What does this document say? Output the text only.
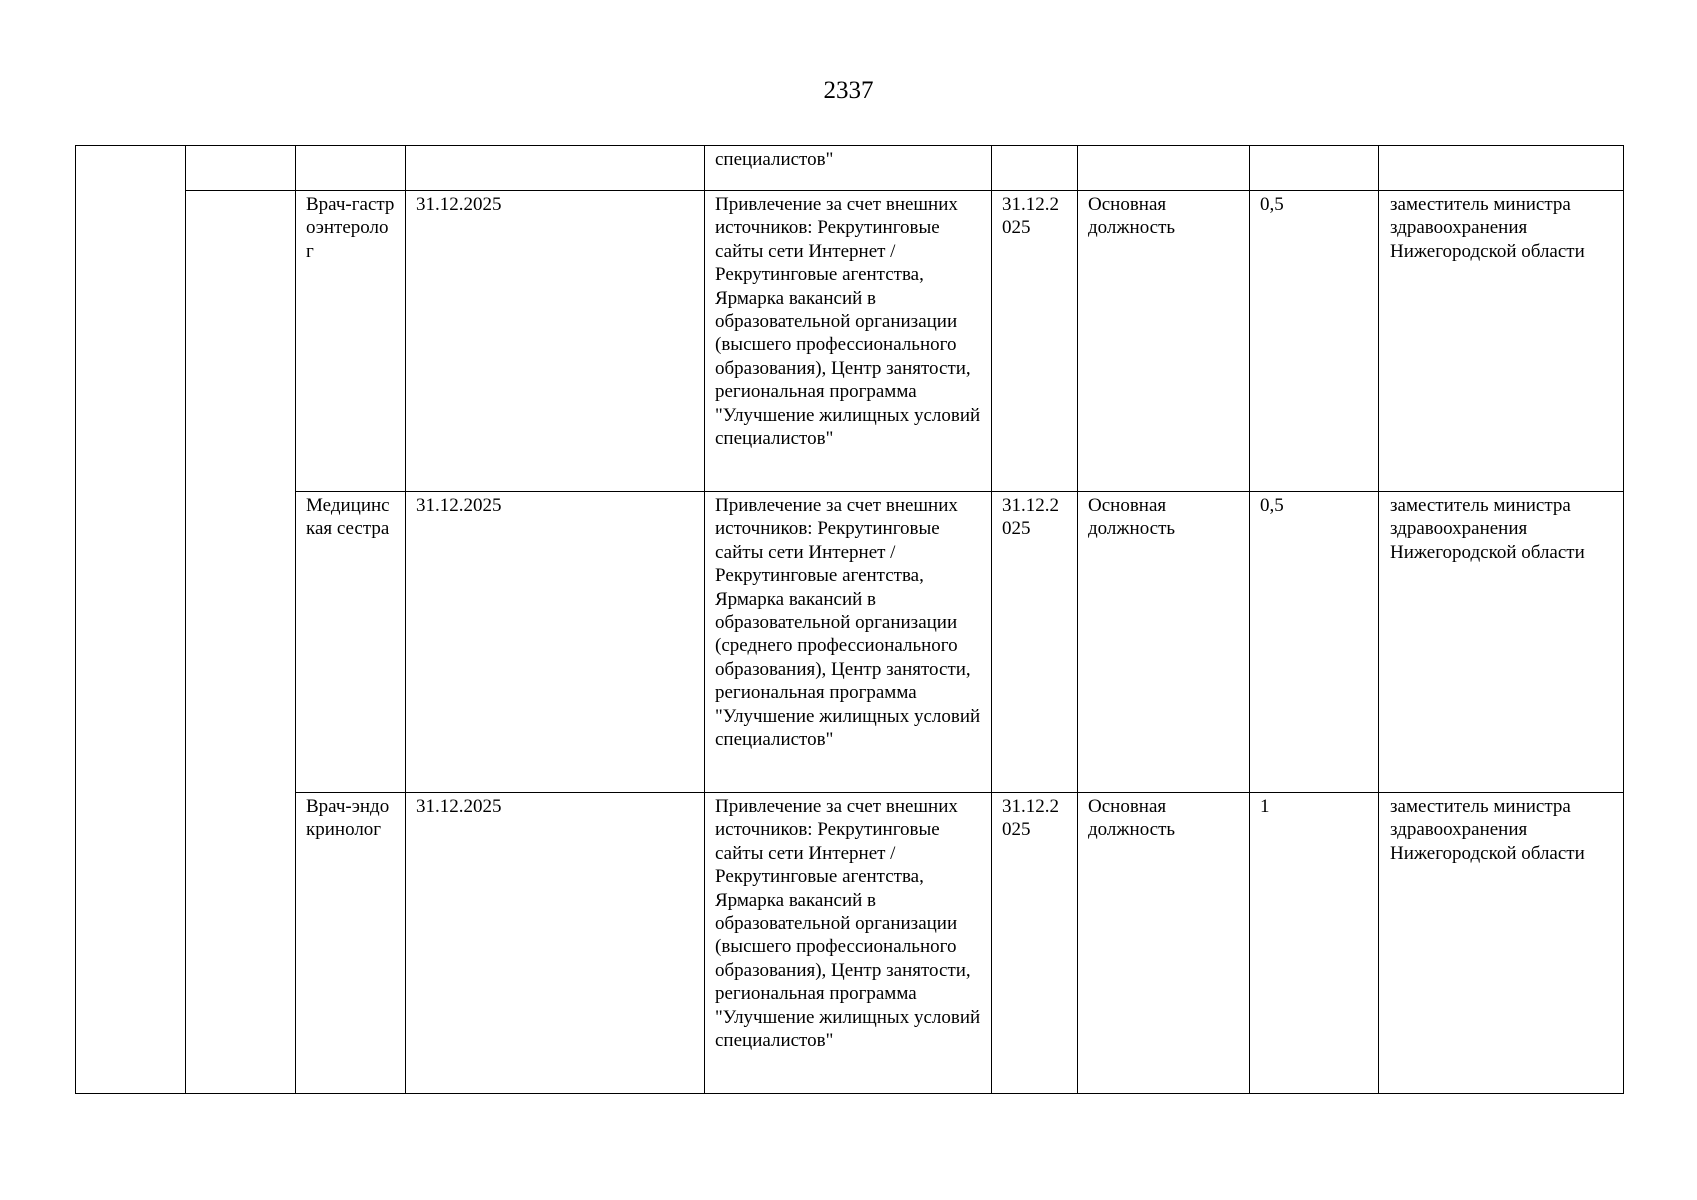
2337
				специалистов"				
		Врач-гастроэнтеролог	31.12.2025	Привлечение за счет внешних источников: Рекрутинговые сайты сети Интернет / Рекрутинговые агентства, Ярмарка вакансий в образовательной организации (высшего профессионального образования), Центр занятости, региональная программа "Улучшение жилищных условий специалистов"	31.12.2025	Основная должность	0,5	заместитель министра здравоохранения Нижегородской области
		Медицинская сестра	31.12.2025	Привлечение за счет внешних источников: Рекрутинговые сайты сети Интернет / Рекрутинговые агентства, Ярмарка вакансий в образовательной организации (среднего профессионального образования), Центр занятости, региональная программа "Улучшение жилищных условий специалистов"	31.12.2025	Основная должность	0,5	заместитель министра здравоохранения Нижегородской области
		Врач-эндокринолог	31.12.2025	Привлечение за счет внешних источников: Рекрутинговые сайты сети Интернет / Рекрутинговые агентства, Ярмарка вакансий в образовательной организации (высшего профессионального образования), Центр занятости, региональная программа "Улучшение жилищных условий специалистов"	31.12.2025	Основная должность	1	заместитель министра здравоохранения Нижегородской области
